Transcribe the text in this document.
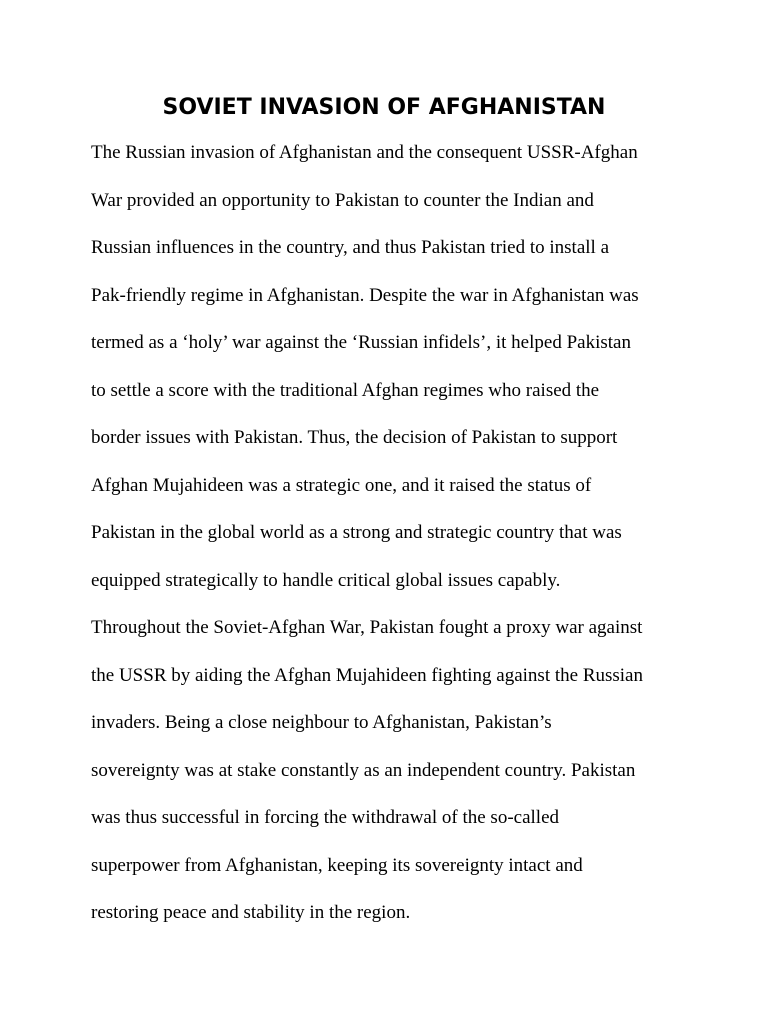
SOVIET INVASION OF AFGHANISTAN
The Russian invasion of Afghanistan and the consequent USSR-Afghan
War provided an opportunity to Pakistan to counter the Indian and
Russian influences in the country, and thus Pakistan tried to install a
Pak-friendly regime in Afghanistan. Despite the war in Afghanistan was
termed as a ‘holy’ war against the ‘Russian infidels’, it helped Pakistan
to settle a score with the traditional Afghan regimes who raised the
border issues with Pakistan. Thus, the decision of Pakistan to support
Afghan Mujahideen was a strategic one, and it raised the status of
Pakistan in the global world as a strong and strategic country that was
equipped strategically to handle critical global issues capably.
Throughout the Soviet-Afghan War, Pakistan fought a proxy war against
the USSR by aiding the Afghan Mujahideen fighting against the Russian
invaders. Being a close neighbour to Afghanistan, Pakistan’s
sovereignty was at stake constantly as an independent country. Pakistan
was thus successful in forcing the withdrawal of the so-called
superpower from Afghanistan, keeping its sovereignty intact and
restoring peace and stability in the region.
